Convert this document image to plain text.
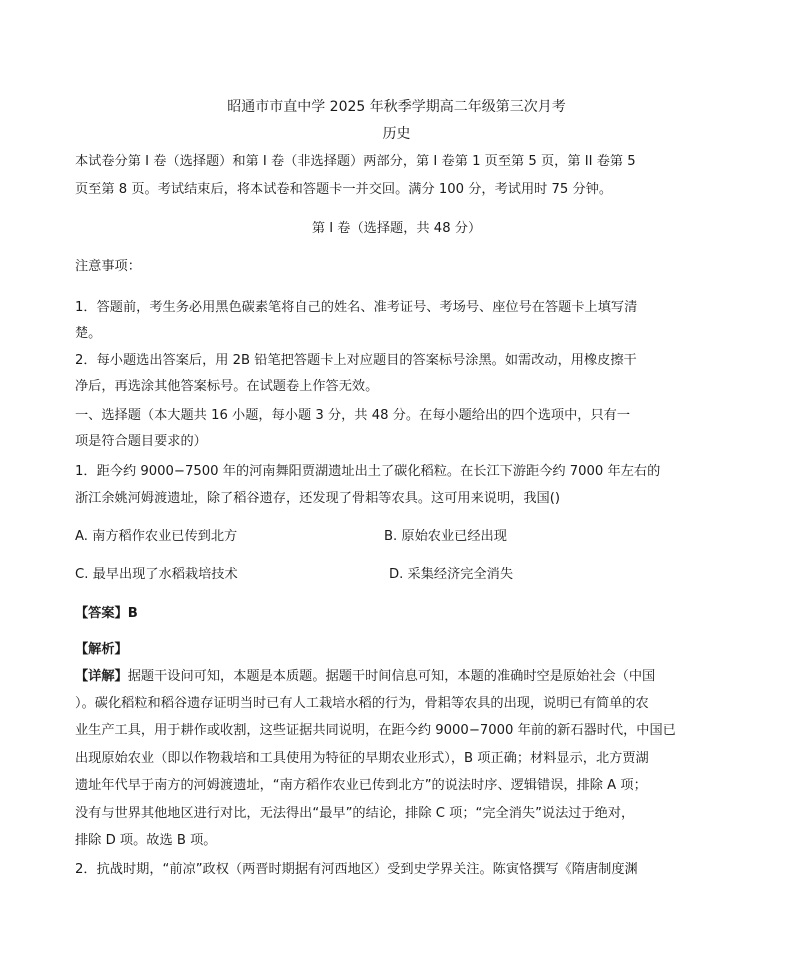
昭通市市直中学 2025 年秋季学期高二年级第三次月考
历史
本试卷分第 I 卷（选择题）和第 I 卷（非选择题）两部分，第 I 卷第 1 页至第 5 页，第 II 卷第 5
页至第 8 页。考试结束后，将本试卷和答题卡一并交回。满分 100 分，考试用时 75 分钟。
第 I 卷（选择题，共 48 分）
注意事项：
1．答题前，考生务必用黑色碳素笔将自己的姓名、准考证号、考场号、座位号在答题卡上填写清
楚。
2．每小题选出答案后，用 2B 铅笔把答题卡上对应题目的答案标号涂黑。如需改动，用橡皮擦干
净后，再选涂其他答案标号。在试题卷上作答无效。
一、选择题（本大题共 16 小题，每小题 3 分，共 48 分。在每小题给出的四个选项中，只有一
项是符合题目要求的）
1．距今约 9000−7500 年的河南舞阳贾湖遗址出土了碳化稻粒。在长江下游距今约 7000 年左右的
浙江余姚河姆渡遗址，除了稻谷遗存，还发现了骨耜等农具。这可用来说明，我国()
A. 南方稻作农业已传到北方	B. 原始农业已经出现
C. 最早出现了水稻栽培技术	D. 采集经济完全消失
【答案】B
【解析】
【详解】据题干设问可知，本题是本质题。据题干时间信息可知，本题的准确时空是原始社会（中国
）。碳化稻粒和稻谷遗存证明当时已有人工栽培水稻的行为，骨耜等农具的出现，说明已有简单的农
业生产工具，用于耕作或收割，这些证据共同说明，在距今约 9000−7000 年前的新石器时代，中国已
出现原始农业（即以作物栽培和工具使用为特征的早期农业形式），B 项正确；材料显示，北方贾湖
遗址年代早于南方的河姆渡遗址，“南方稻作农业已传到北方”的说法时序、逻辑错误，排除 A 项；
没有与世界其他地区进行对比，无法得出“最早”的结论，排除 C 项；“完全消失”说法过于绝对，
排除 D 项。故选 B 项。
2．抗战时期，“前凉”政权（两晋时期据有河西地区）受到史学界关注。陈寅恪撰写《隋唐制度渊
